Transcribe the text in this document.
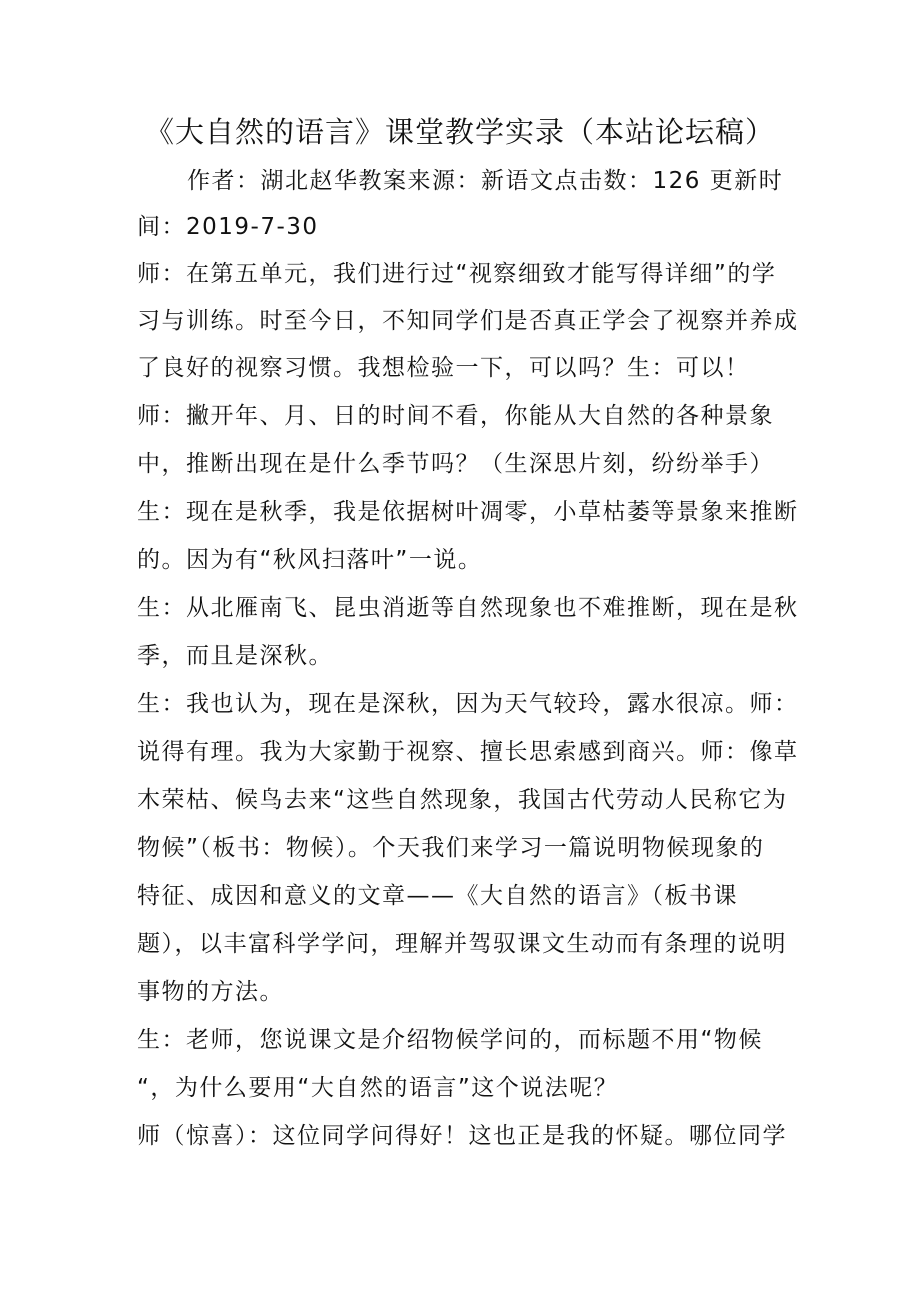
《大自然的语言》课堂教学实录（本站论坛稿）
作者：湖北赵华教案来源：新语文点击数：126 更新时
间：2019-7-30
师：在第五单元，我们进行过“视察细致才能写得详细”的学
习与训练。时至今日，不知同学们是否真正学会了视察并养成
了良好的视察习惯。我想检验一下，可以吗？生：可以！
师：撇开年、月、日的时间不看，你能从大自然的各种景象
中，推断出现在是什么季节吗？（生深思片刻，纷纷举手）
生：现在是秋季，我是依据树叶凋零，小草枯萎等景象来推断
的。因为有“秋风扫落叶”一说。
生：从北雁南飞、昆虫消逝等自然现象也不难推断，现在是秋
季，而且是深秋。
生：我也认为，现在是深秋，因为天气较玲，露水很凉。师：
说得有理。我为大家勤于视察、擅长思索感到商兴。师：像草
木荣枯、候鸟去来“这些自然现象，我国古代劳动人民称它为
物候”（板书：物候）。个天我们来学习一篇说明物候现象的
特征、成因和意义的文章——《大自然的语言》（板书课
题），以丰富科学学问，理解并驾驭课文生动而有条理的说明
事物的方法。
生：老师，您说课文是介绍物候学问的，而标题不用“物候
“，为什么要用“大自然的语言”这个说法呢？
师（惊喜）：这位同学问得好！这也正是我的怀疑。哪位同学
